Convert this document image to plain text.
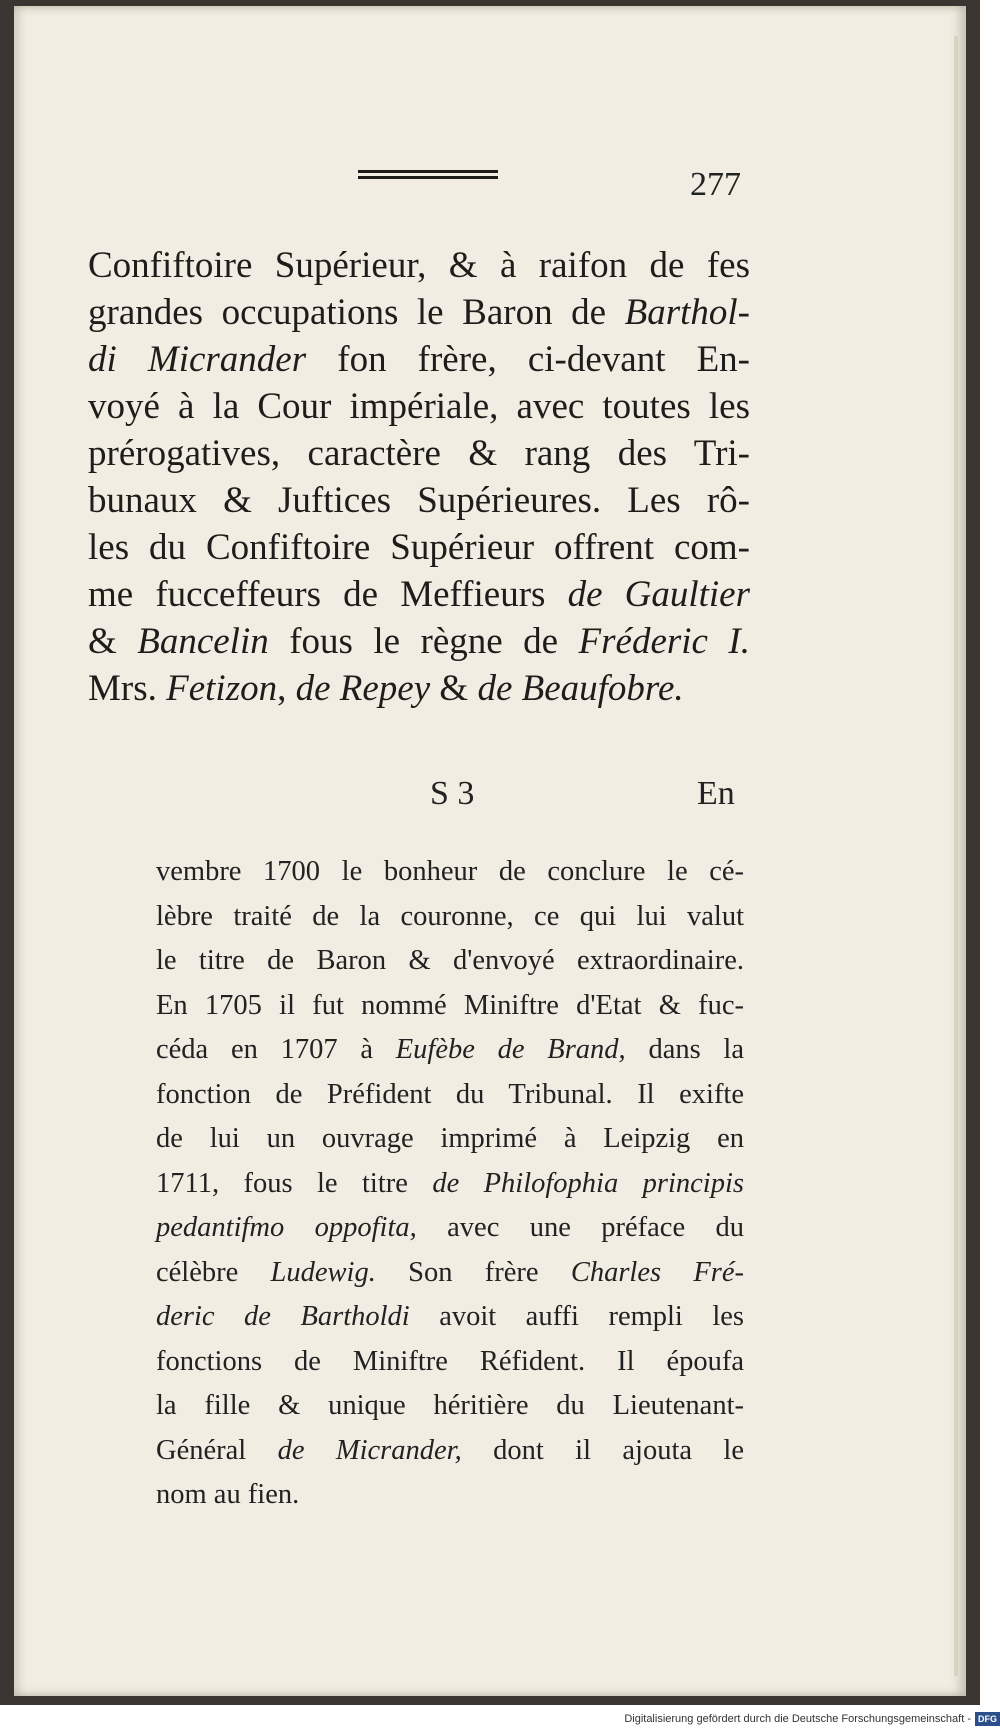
277
Confiftoire Supérieur, & à raifon de fes
grandes occupations le Baron de Barthol-
di Micrander fon frère, ci-devant En-
voyé à la Cour impériale, avec toutes les
prérogatives, caractère & rang des Tri-
bunaux & Juftices Supérieures. Les rô-
les du Confiftoire Supérieur offrent com-
me fucceffeurs de Meffieurs de Gaultier
& Bancelin fous le règne de Fréderic I.
Mrs. Fetizon, de Repey & de Beaufobre.
S 3	En
vembre 1700 le bonheur de conclure le cé-
lèbre traité de la couronne, ce qui lui valut
le titre de Baron & d'envoyé extraordinaire.
En 1705 il fut nommé Miniftre d'Etat & fuc-
céda en 1707 à Eufèbe de Brand, dans la
fonction de Préfident du Tribunal. Il exifte
de lui un ouvrage imprimé à Leipzig en
1711, fous le titre de Philofophia principis
pedantifmo oppofita, avec une préface du
célèbre Ludewig. Son frère Charles Fré-
deric de Bartholdi avoit auffi rempli les
fonctions de Miniftre Réfident. Il époufa
la fille & unique héritière du Lieutenant-
Général de Micrander, dont il ajouta le
nom au fien.
Digitalisierung gefördert durch die Deutsche Forschungsgemeinschaft - DFG
